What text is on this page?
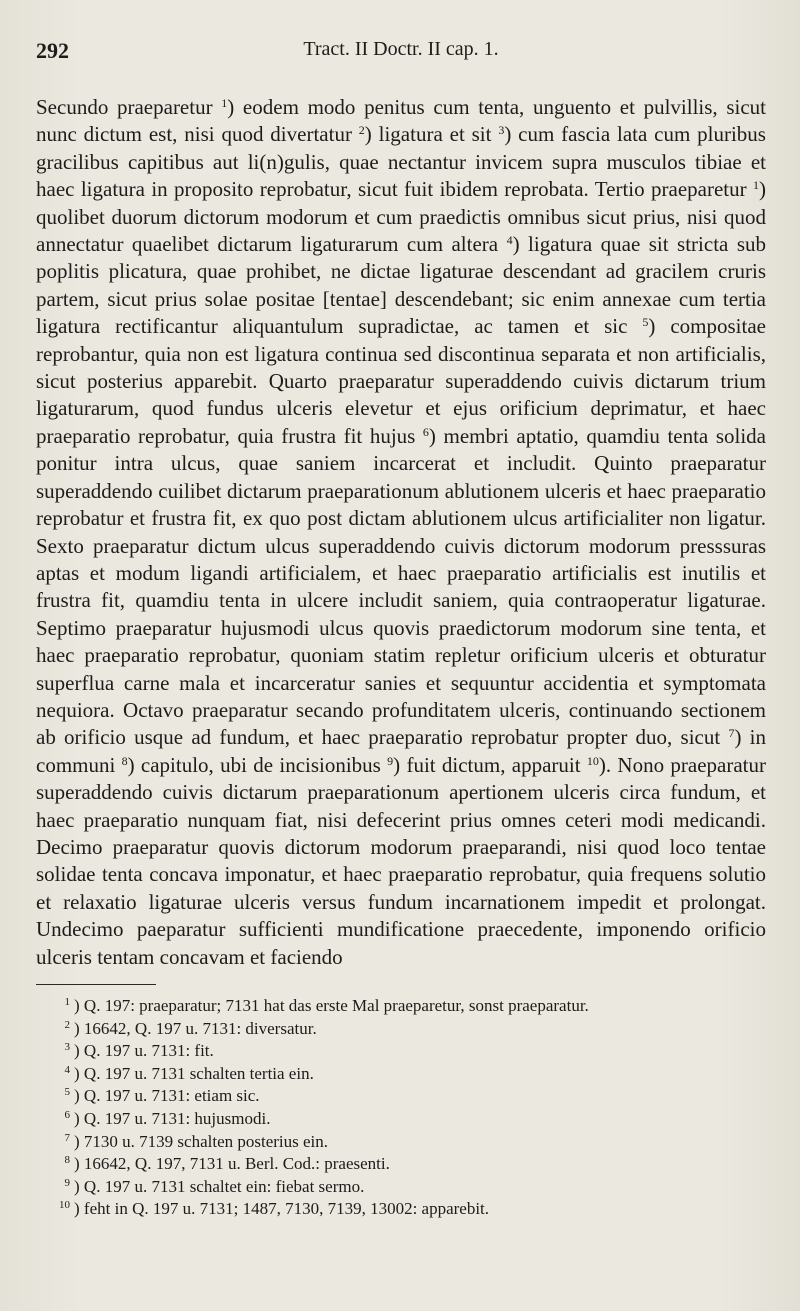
292	Tract. II Doctr. II cap. 1.

Secundo praeparetur $^1$) eodem modo penitus cum tenta, unguento et pulvillis, sicut nunc dictum est, nisi quod divertatur $^2$) ligatura et sit $^3$) cum fascia lata cum pluribus gracilibus capitibus aut li(n)gulis, quae nectantur invicem supra musculos tibiae et haec ligatura in proposito reprobatur, sicut fuit ibidem reprobata. Tertio praeparetur $^1$) quolibet duorum dictorum modorum et cum praedictis omnibus sicut prius, nisi quod annectatur quaelibet dictarum ligaturarum cum altera $^4$) ligatura quae sit stricta sub poplitis plicatura, quae prohibet, ne dictae ligaturae descendant ad gracilem cruris partem, sicut prius solae positae [tentae] descendebant; sic enim annexae cum tertia ligatura rectificantur aliquantulum supradictae, ac tamen et sic $^5$) compositae reprobantur, quia non est ligatura continua sed discontinua separata et non artificialis, sicut posterius apparebit. Quarto praeparatur superaddendo cuivis dictarum trium ligaturarum, quod fundus ulceris elevetur et ejus orificium deprimatur, et haec praeparatio reprobatur, quia frustra fit hujus $^6$) membri aptatio, quamdiu tenta solida ponitur intra ulcus, quae saniem incarcerat et includit. Quinto praeparatur superaddendo cuilibet dictarum praeparationum ablutionem ulceris et haec praeparatio reprobatur et frustra fit, ex quo post dictam ablutionem ulcus artificialiter non ligatur. Sexto praeparatur dictum ulcus superaddendo cuivis dictorum modorum presssuras aptas et modum ligandi artificialem, et haec praeparatio artificialis est inutilis et frustra fit, quamdiu tenta in ulcere includit saniem, quia contraoperatur ligaturae. Septimo praeparatur hujusmodi ulcus quovis praedictorum modorum sine tenta, et haec praeparatio reprobatur, quoniam statim repletur orificium ulceris et obturatur superflua carne mala et incarceratur sanies et sequuntur accidentia et symptomata nequiora. Octavo praeparatur secando profunditatem ulceris, continuando sectionem ab orificio usque ad fundum, et haec praeparatio reprobatur propter duo, sicut $^7$) in communi $^8$) capitulo, ubi de incisionibus $^9$) fuit dictum, apparuit $^{10}$). Nono praeparatur superaddendo cuivis dictarum praeparationum apertionem ulceris circa fundum, et haec praeparatio nunquam fiat, nisi defecerint prius omnes ceteri modi medicandi. Decimo praeparatur quovis dictorum modorum praeparandi, nisi quod loco tentae solidae tenta concava imponatur, et haec praeparatio reprobatur, quia frequens solutio et relaxatio ligaturae ulceris versus fundum incarnationem impedit et prolongat. Undecimo paeparatur sufficienti mundificatione praecedente, imponendo orificio ulceris tentam concavam et faciendo

$^1$ ) Q. 197: praeparatur; 7131 hat das erste Mal praeparetur, sonst praeparatur.

$^2$ ) 16642, Q. 197 u. 7131: diversatur.

$^3$ ) Q. 197 u. 7131: fit.

$^4$ ) Q. 197 u. 7131 schalten tertia ein.

$^5$ ) Q. 197 u. 7131: etiam sic.

$^6$ ) Q. 197 u. 7131: hujusmodi.

$^7$ ) 7130 u. 7139 schalten posterius ein.

$^8$ ) 16642, Q. 197, 7131 u. Berl. Cod.: praesenti.

$^9$ ) Q. 197 u. 7131 schaltet ein: fiebat sermo.

$^{10}$ ) feht in Q. 197 u. 7131; 1487, 7130, 7139, 13002: apparebit.
